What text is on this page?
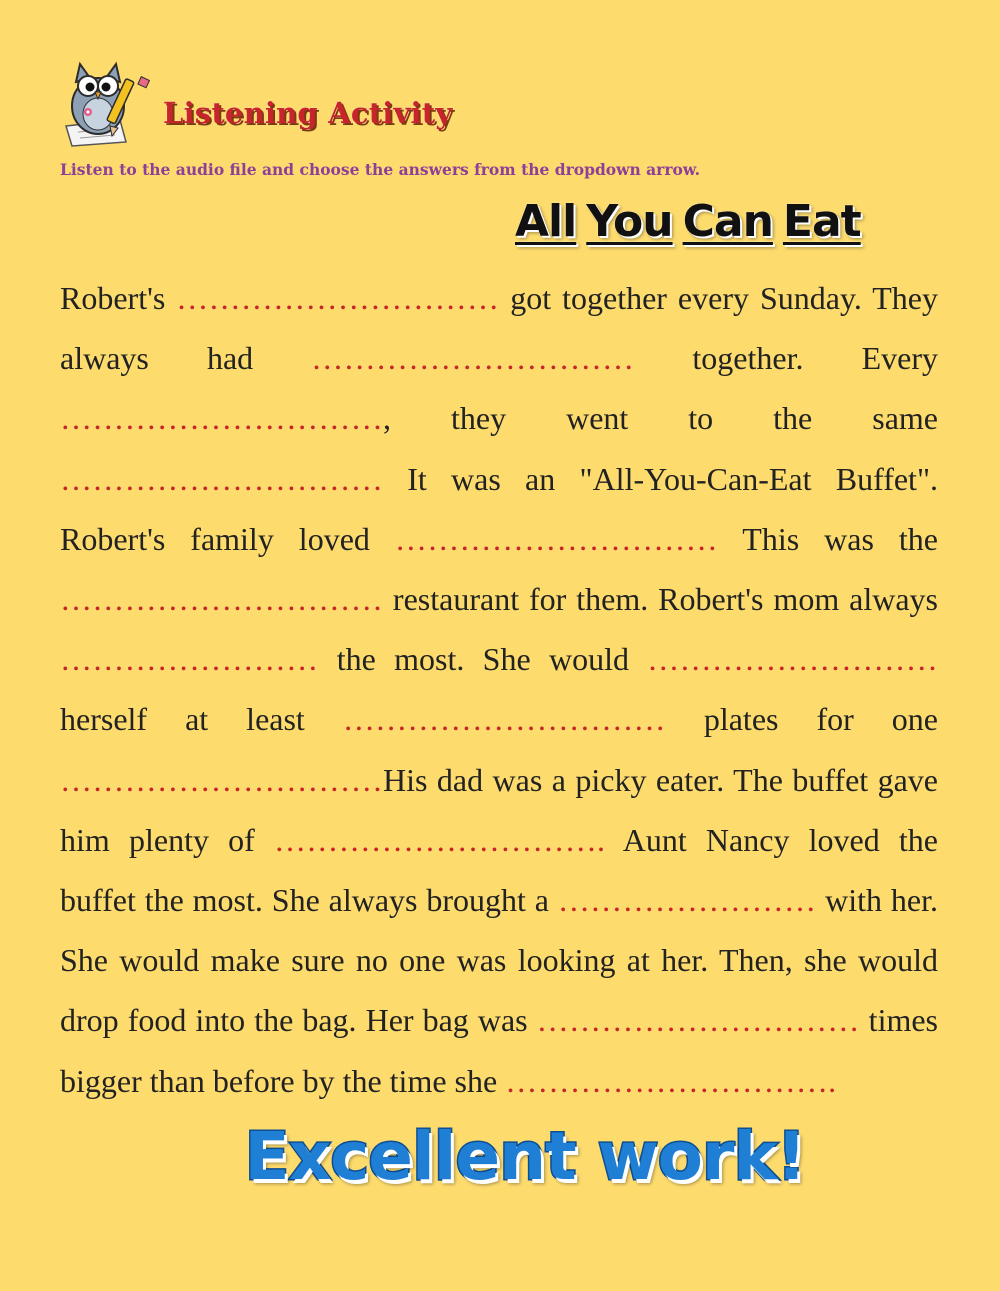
Listening Activity
Listen to the audio file and choose the answers from the dropdown arrow.
All You Can Eat
Robert's ………………………… got together every Sunday. They always had ………………………… together. Every …………………………, they went to the same ………………………… It was an "All-You-Can-Eat Buffet". Robert's family loved ………………………… This was the ………………………… restaurant for them. Robert's mom always …………………… the most. She would ……………………… herself at least ………………………… plates for one …………………………His dad was a picky eater. The buffet gave him plenty of …………………………. Aunt Nancy loved the buffet the most. She always brought a …………………… with her. She would make sure no one was looking at her. Then, she would drop food into the bag. Her bag was ………………………… times bigger than before by the time she ………………………….
Excellent work!
